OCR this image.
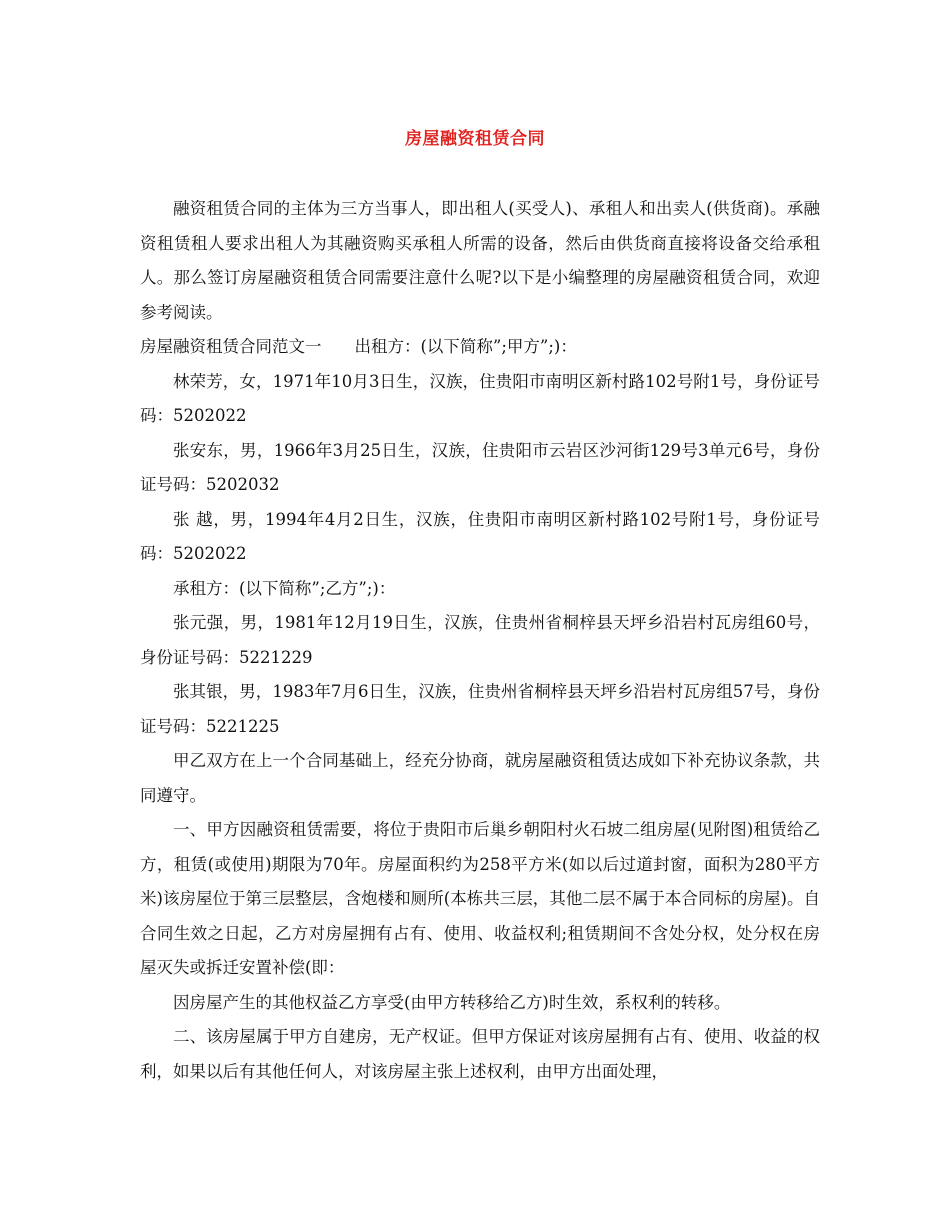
房屋融资租赁合同

融资租赁合同的主体为三方当事人，即出租人(买受人)、承租人和出卖人(供货商)。承融资租赁租人要求出租人为其融资购买承租人所需的设备，然后由供货商直接将设备交给承租人。那么签订房屋融资租赁合同需要注意什么呢?以下是小编整理的房屋融资租赁合同，欢迎参考阅读。

房屋融资租赁合同范文一　　出租方：(以下简称”;甲方”;)：

林荣芳，女，1971年10月3日生，汉族，住贵阳市南明区新村路102号附1号，身份证号码：5202022

张安东，男，1966年3月25日生，汉族，住贵阳市云岩区沙河街129号3单元6号，身份证号码：5202032

张 越，男，1994年4月2日生，汉族，住贵阳市南明区新村路102号附1号，身份证号码：5202022

承租方：(以下简称”;乙方”;)：

张元强，男，1981年12月19日生，汉族，住贵州省桐梓县天坪乡沿岩村瓦房组60号，身份证号码：5221229

张其银，男，1983年7月6日生，汉族，住贵州省桐梓县天坪乡沿岩村瓦房组57号，身份证号码：5221225

甲乙双方在上一个合同基础上，经充分协商，就房屋融资租赁达成如下补充协议条款，共同遵守。

一、甲方因融资租赁需要，将位于贵阳市后巢乡朝阳村火石坡二组房屋(见附图)租赁给乙方，租赁(或使用)期限为70年。房屋面积约为258平方米(如以后过道封窗，面积为280平方米)该房屋位于第三层整层，含炮楼和厕所(本栋共三层，其他二层不属于本合同标的房屋)。自合同生效之日起，乙方对房屋拥有占有、使用、收益权利;租赁期间不含处分权，处分权在房屋灭失或拆迁安置补偿(即：

因房屋产生的其他权益乙方享受(由甲方转移给乙方)时生效，系权利的转移。

二、该房屋属于甲方自建房，无产权证。但甲方保证对该房屋拥有占有、使用、收益的权利，如果以后有其他任何人，对该房屋主张上述权利，由甲方出面处理，
